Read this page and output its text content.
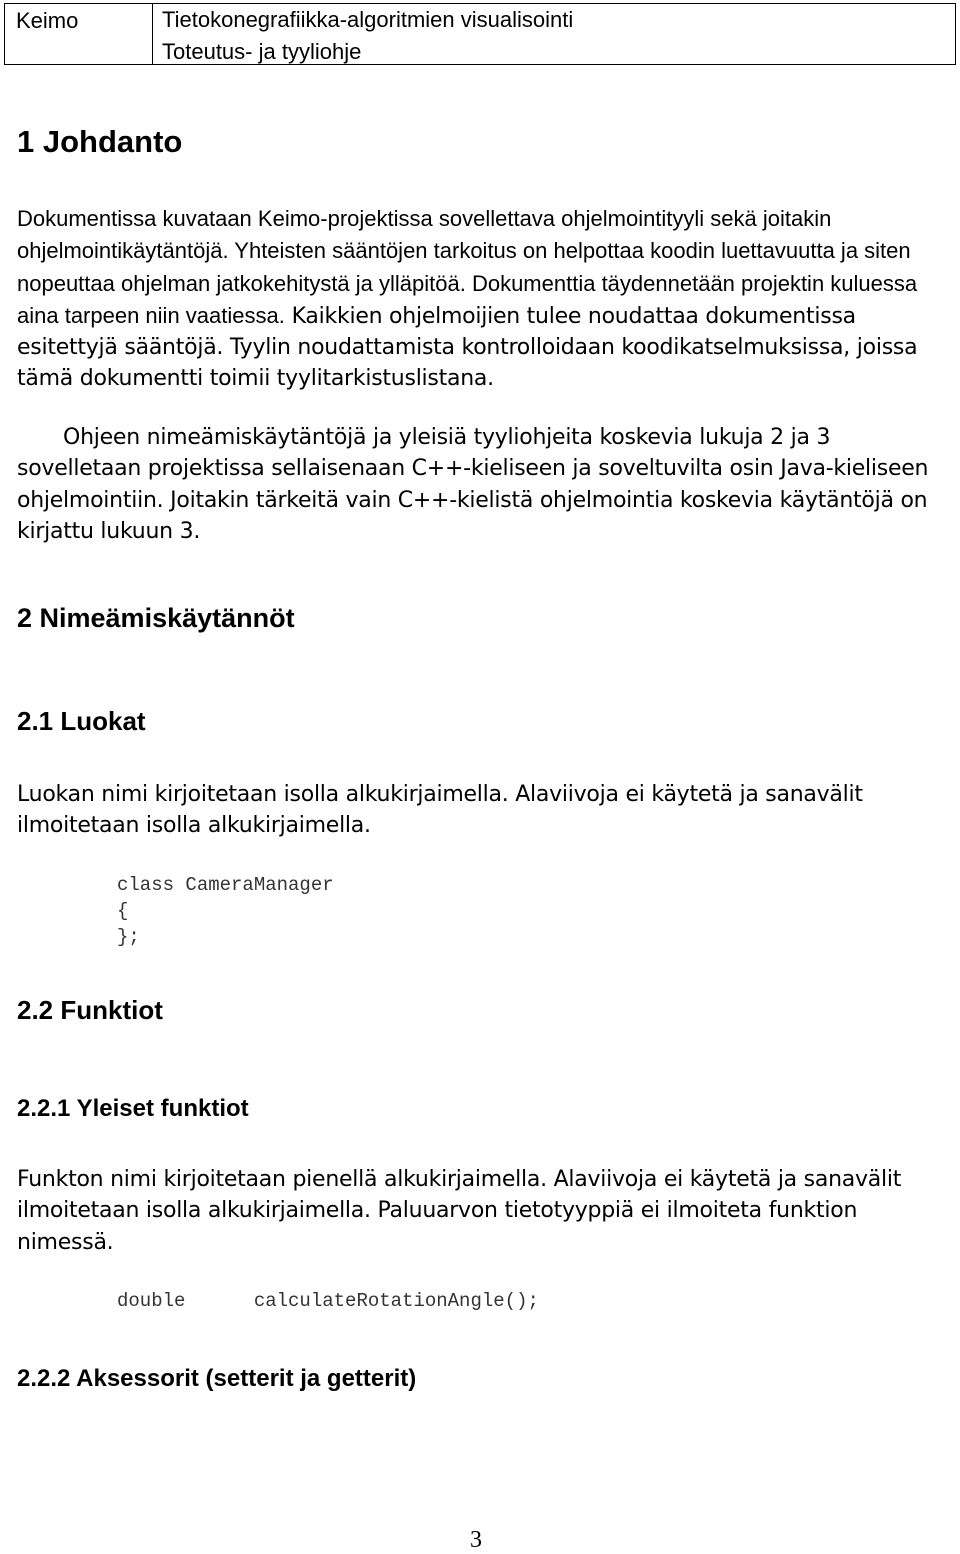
Keimo	Tietokonegrafiikka-algoritmien visualisointi
Toteutus- ja tyyliohje
1 Johdanto

Dokumentissa kuvataan Keimo-projektissa sovellettava ohjelmointityyli sekä joitakin ohjelmointikäytäntöjä. Yhteisten sääntöjen tarkoitus on helpottaa koodin luettavuutta ja siten nopeuttaa ohjelman jatkokehitystä ja ylläpitöä. Dokumenttia täydennetään projektin kuluessa aina tarpeen niin vaatiessa. Kaikkien ohjelmoijien tulee noudattaa dokumentissa esitettyjä sääntöjä. Tyylin noudattamista kontrolloidaan koodikatselmuksissa, joissa tämä dokumentti toimii tyylitarkistuslistana.

Ohjeen nimeämiskäytäntöjä ja yleisiä tyyliohjeita koskevia lukuja 2 ja 3 sovelletaan projektissa sellaisenaan C++-kieliseen ja soveltuvilta osin Java-kieliseen ohjelmointiin. Joitakin tärkeitä vain C++-kielistä ohjelmointia koskevia käytäntöjä on kirjattu lukuun 3.

2 Nimeämiskäytännöt
2.1 Luokat

Luokan nimi kirjoitetaan isolla alkukirjaimella. Alaviivoja ei käytetä ja sanavälit ilmoitetaan isolla alkukirjaimella.

class CameraManager
{
};
2.2 Funktiot
2.2.1 Yleiset funktiot

Funkton nimi kirjoitetaan pienellä alkukirjaimella. Alaviivoja ei käytetä ja sanavälit ilmoitetaan isolla alkukirjaimella. Paluuarvon tietotyyppiä ei ilmoiteta funktion nimessä.

double      calculateRotationAngle();
2.2.2 Aksessorit (setterit ja getterit)
3
